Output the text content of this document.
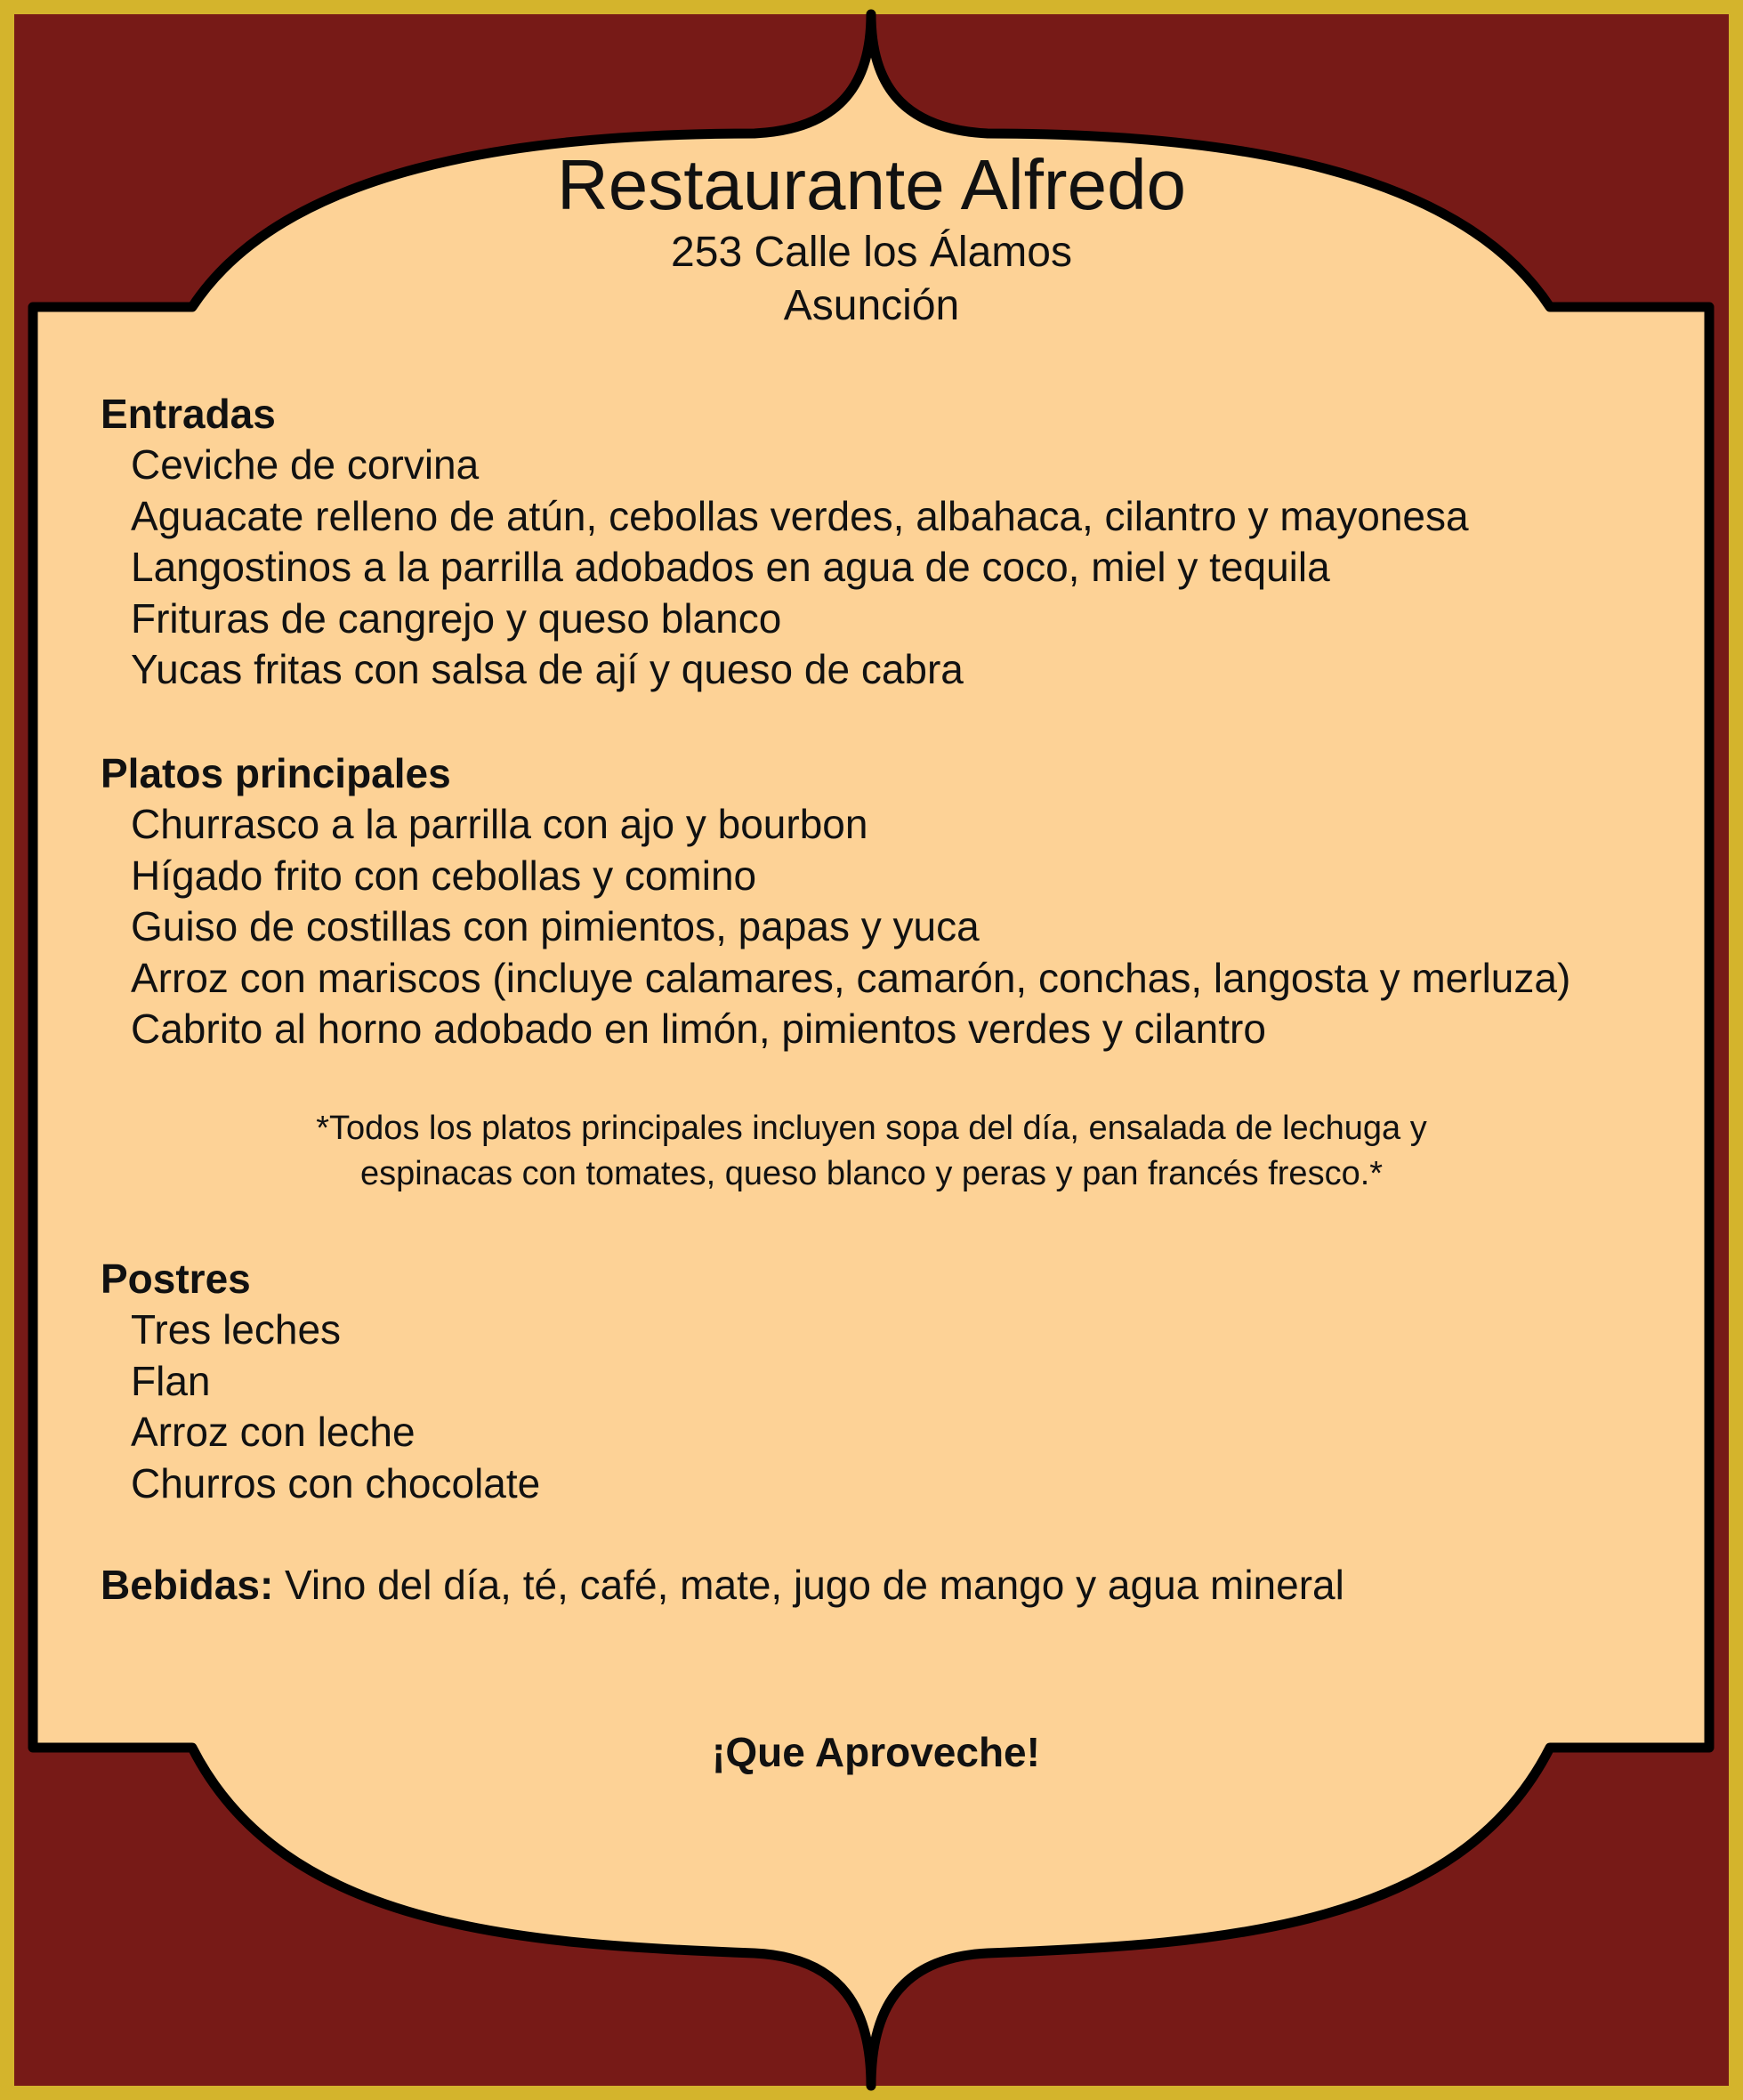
Restaurante Alfredo
253 Calle los Álamos
Asunción

Entradas

Ceviche de corvina
Aguacate relleno de atún, cebollas verdes, albahaca, cilantro y mayonesa
Langostinos a la parrilla adobados en agua de coco, miel y tequila
Frituras de cangrejo y queso blanco
Yucas fritas con salsa de ají y queso de cabra

Platos principales

Churrasco a la parrilla con ajo y bourbon
Hígado frito con cebollas y comino
Guiso de costillas con pimientos, papas y yuca
Arroz con mariscos (incluye calamares, camarón, conchas, langosta y merluza)
Cabrito al horno adobado en limón, pimientos verdes y cilantro
*Todos los platos principales incluyen sopa del día, ensalada de lechuga y
espinacas con tomates, queso blanco y peras y pan francés fresco.*

Postres

Tres leches
Flan
Arroz con leche
Churros con chocolate
Bebidas: Vino del día, té, café, mate, jugo de mango y agua mineral
¡Que Aproveche!
